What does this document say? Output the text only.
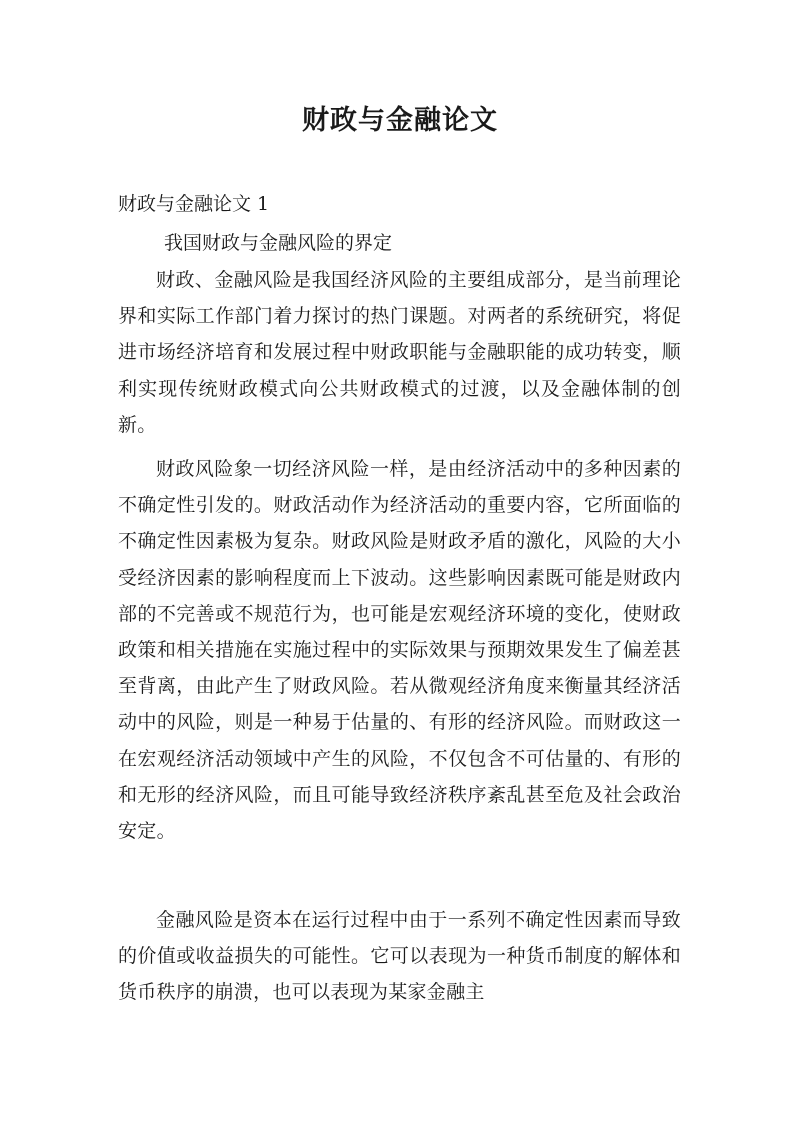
财政与金融论文

财政与金融论文 1

我国财政与金融风险的界定

财政、金融风险是我国经济风险的主要组成部分，是当前理论界和实际工作部门着力探讨的热门课题。对两者的系统研究，将促进市场经济培育和发展过程中财政职能与金融职能的成功转变，顺利实现传统财政模式向公共财政模式的过渡，以及金融体制的创新。

财政风险象一切经济风险一样，是由经济活动中的多种因素的不确定性引发的。财政活动作为经济活动的重要内容，它所面临的不确定性因素极为复杂。财政风险是财政矛盾的激化，风险的大小受经济因素的影响程度而上下波动。这些影响因素既可能是财政内部的不完善或不规范行为，也可能是宏观经济环境的变化，使财政政策和相关措施在实施过程中的实际效果与预期效果发生了偏差甚至背离，由此产生了财政风险。若从微观经济角度来衡量其经济活动中的风险，则是一种易于估量的、有形的经济风险。而财政这一在宏观经济活动领域中产生的风险，不仅包含不可估量的、有形的和无形的经济风险，而且可能导致经济秩序紊乱甚至危及社会政治安定。

金融风险是资本在运行过程中由于一系列不确定性因素而导致的价值或收益损失的可能性。它可以表现为一种货币制度的解体和货币秩序的崩溃，也可以表现为某家金融主
